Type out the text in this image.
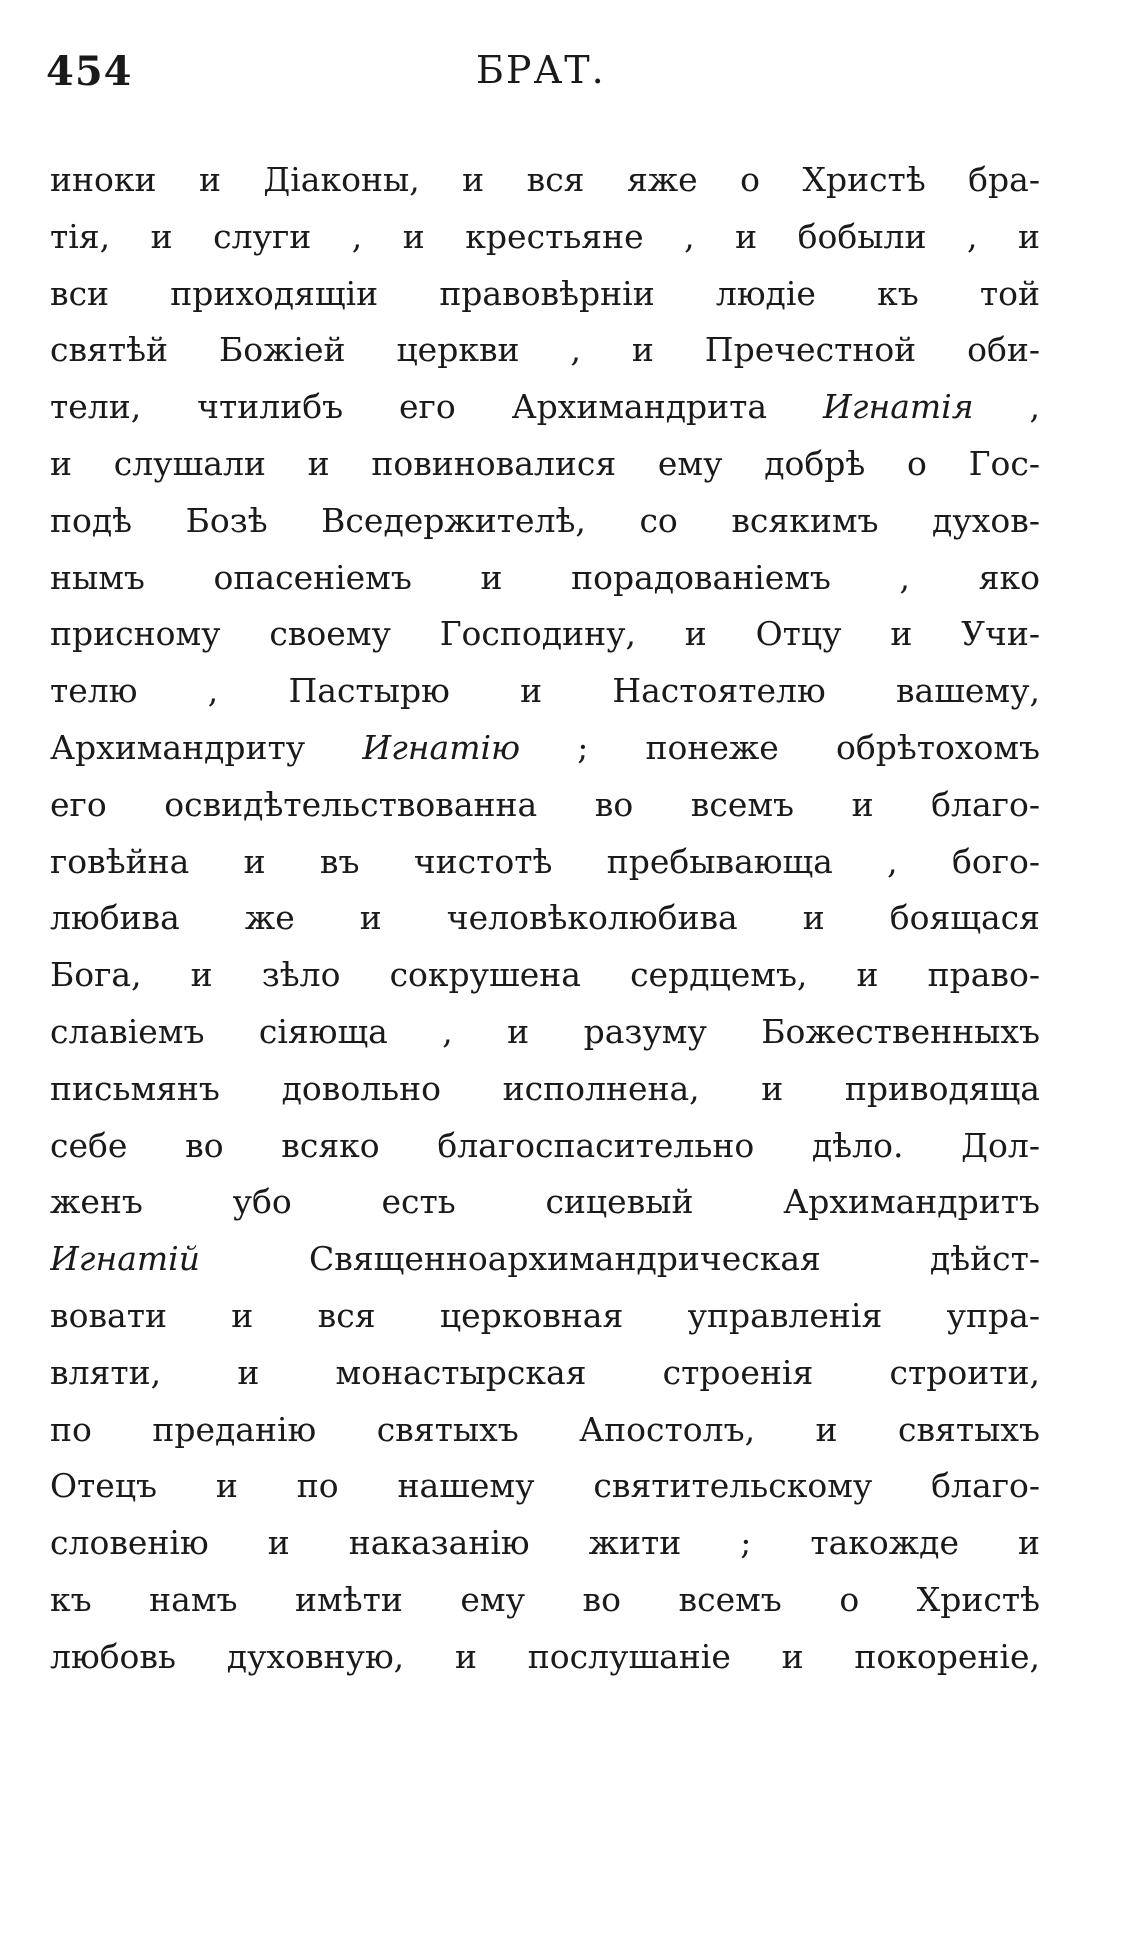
454	БРАТ.
иноки и Діаконы, и вся яже о Христѣ бра-
тія, и слуги , и крестьяне , и бобыли , и
вси приходящіи правовѣрніи людіе къ той
святѣй Божіей церкви , и Пречестной оби-
тели, чтилибъ его Архимандрита Игнатія ,
и слушали и повиновалися ему добрѣ о Гос-
подѣ Бозѣ Вседержителѣ, со всякимъ духов-
нымъ опасеніемъ и порадованіемъ , яко
присному своему Господину, и Отцу и Учи-
телю , Пастырю и Настоятелю вашему,
Архимандриту Игнатію ; понеже обрѣтохомъ
его освидѣтельствованна во всемъ и благо-
говѣйна и въ чистотѣ пребывающа , бого-
любива же и человѣколюбива и боящася
Бога, и зѣло сокрушена сердцемъ, и право-
славіемъ сіяюща , и разуму Божественныхъ
письмянъ довольно исполнена, и приводяща
себе во всяко благоспасительно дѣло. Дол-
женъ убо есть сицевый Архимандритъ
Игнатій Священноархимандрическая дѣйст-
вовати и вся церковная управленія упра-
вляти, и монастырская строенія строити,
по преданію святыхъ Апостолъ, и святыхъ
Отецъ и по нашему святительскому благо-
словенію и наказанію жити ; такожде и
къ намъ имѣти ему во всемъ о Христѣ
любовь духовную, и послушаніе и покореніе,
